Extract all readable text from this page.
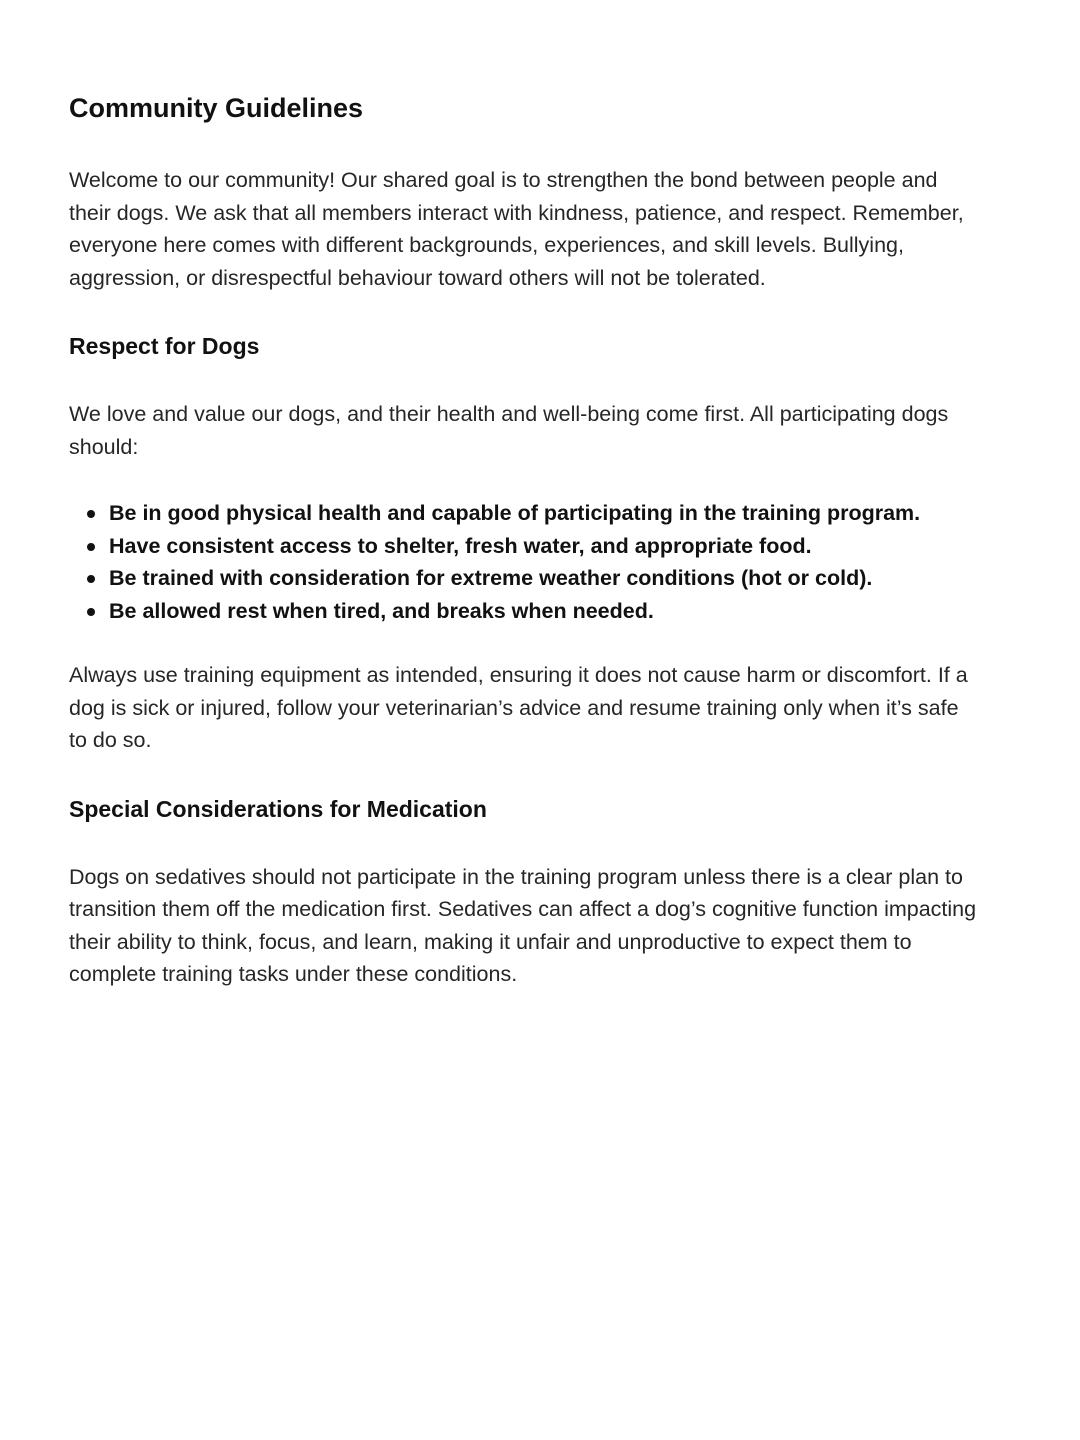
Community Guidelines

Welcome to our community! Our shared goal is to strengthen the bond between people and their dogs. We ask that all members interact with kindness, patience, and respect. Remember, everyone here comes with different backgrounds, experiences, and skill levels. Bullying, aggression, or disrespectful behaviour toward others will not be tolerated.

Respect for Dogs

We love and value our dogs, and their health and well-being come first. All participating dogs should:

Be in good physical health and capable of participating in the training program.
Have consistent access to shelter, fresh water, and appropriate food.
Be trained with consideration for extreme weather conditions (hot or cold).
Be allowed rest when tired, and breaks when needed.

Always use training equipment as intended, ensuring it does not cause harm or discomfort. If a dog is sick or injured, follow your veterinarian’s advice and resume training only when it’s safe to do so.

Special Considerations for Medication

Dogs on sedatives should not participate in the training program unless there is a clear plan to transition them off the medication first. Sedatives can affect a dog’s cognitive function impacting their ability to think, focus, and learn, making it unfair and unproductive to expect them to complete training tasks under these conditions.
